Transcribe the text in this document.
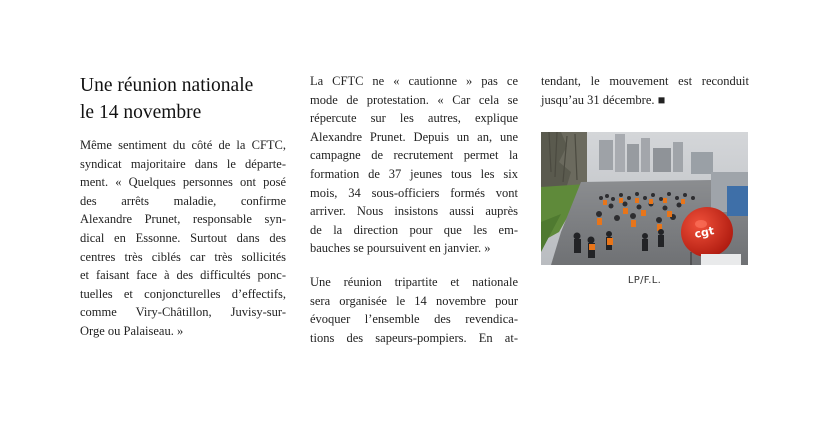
Une réunion nationale
le 14 novembre

Même sentiment du côté de la CFTC,
syndicat majoritaire dans le départe-
ment. « Quelques personnes ont posé
des arrêts maladie, confirme
Alexandre Prunet, responsable syn-
dical en Essonne. Surtout dans des
centres très ciblés car très sollicités
et faisant face à des difficultés ponc-
tuelles et conjoncturelles d’effectifs,
comme Viry-Châtillon, Juvisy-sur-
Orge ou Palaiseau. »

La CFTC ne « cautionne » pas ce
mode de protestation. « Car cela se
répercute sur les autres, explique
Alexandre Prunet. Depuis un an, une
campagne de recrutement permet la
formation de 37 jeunes tous les six
mois, 34 sous-officiers formés vont
arriver. Nous insistons aussi auprès
de la direction pour que les em-
bauches se poursuivent en janvier. »

Une réunion tripartite et nationale
sera organisée le 14 novembre pour
évoquer l’ensemble des revendica-
tions des sapeurs-pompiers. En at-

tendant, le mouvement est reconduit
jusqu’au 31 décembre. ■

cgt
LP/F.L.
